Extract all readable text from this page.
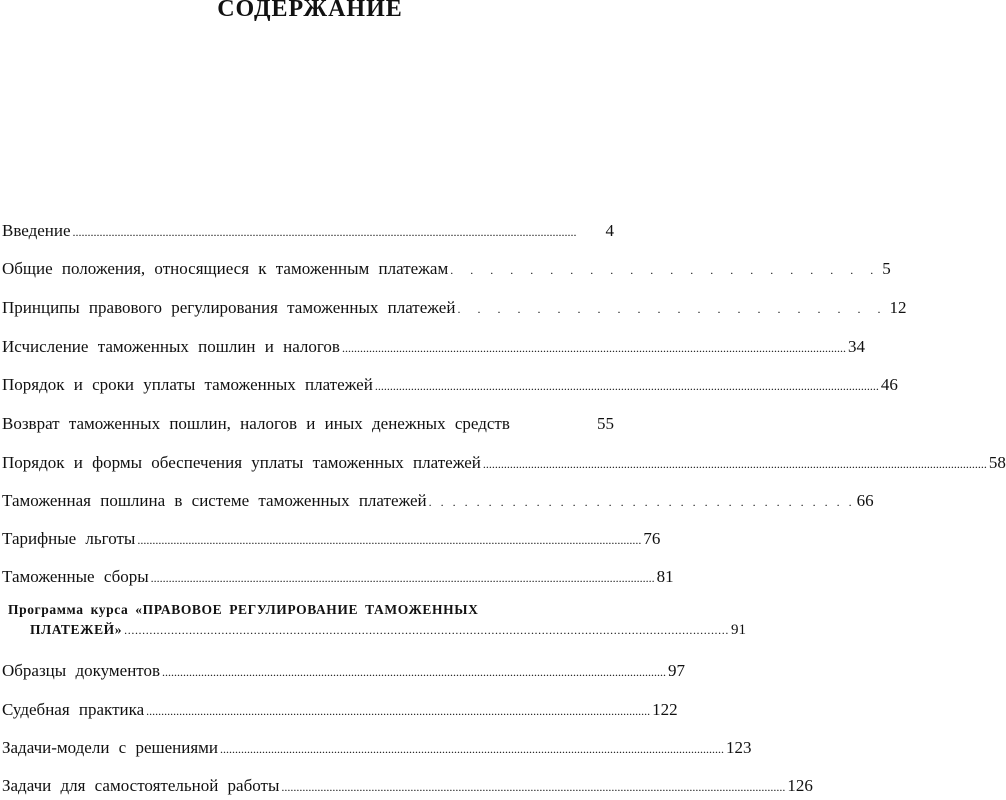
СОДЕРЖАНИЕ
Введение ........................................................................................................................................................................	4
Общие положения, относящиеся к таможенным платежам . . . . . . . . . . . . . . . . . . . . . . 5
Принципы правового регулирования таможенных платежей . . . . . . . . . . . . . . . . . . . . . . 12
Исчисление таможенных пошлин и налогов ........................................................................................................................................................................ 34
Порядок и сроки уплаты таможенных платежей ........................................................................................................................................................................ 46
Возврат таможенных пошлин, налогов и иных денежных средств	55
Порядок и формы обеспечения уплаты таможенных платежей ........................................................................................................................................................................ 58
Таможенная пошлина в системе таможенных платежей . . . . . . . . . . . . . . . . . . . . . . . . . . . . . . . . . . . . 66
Тарифные льготы ........................................................................................................................................................................ 76
Таможенные сборы ........................................................................................................................................................................ 81
Программа курса «ПРАВОВОЕ РЕГУЛИРОВАНИЕ ТАМОЖЕННЫХ
ПЛАТЕЖЕЙ» ........................................................................................................................................................................ 91
Образцы документов ........................................................................................................................................................................ 97
Судебная практика ........................................................................................................................................................................ 122
Задачи-модели с решениями ........................................................................................................................................................................ 123
Задачи для самостоятельной работы ........................................................................................................................................................................ 126
